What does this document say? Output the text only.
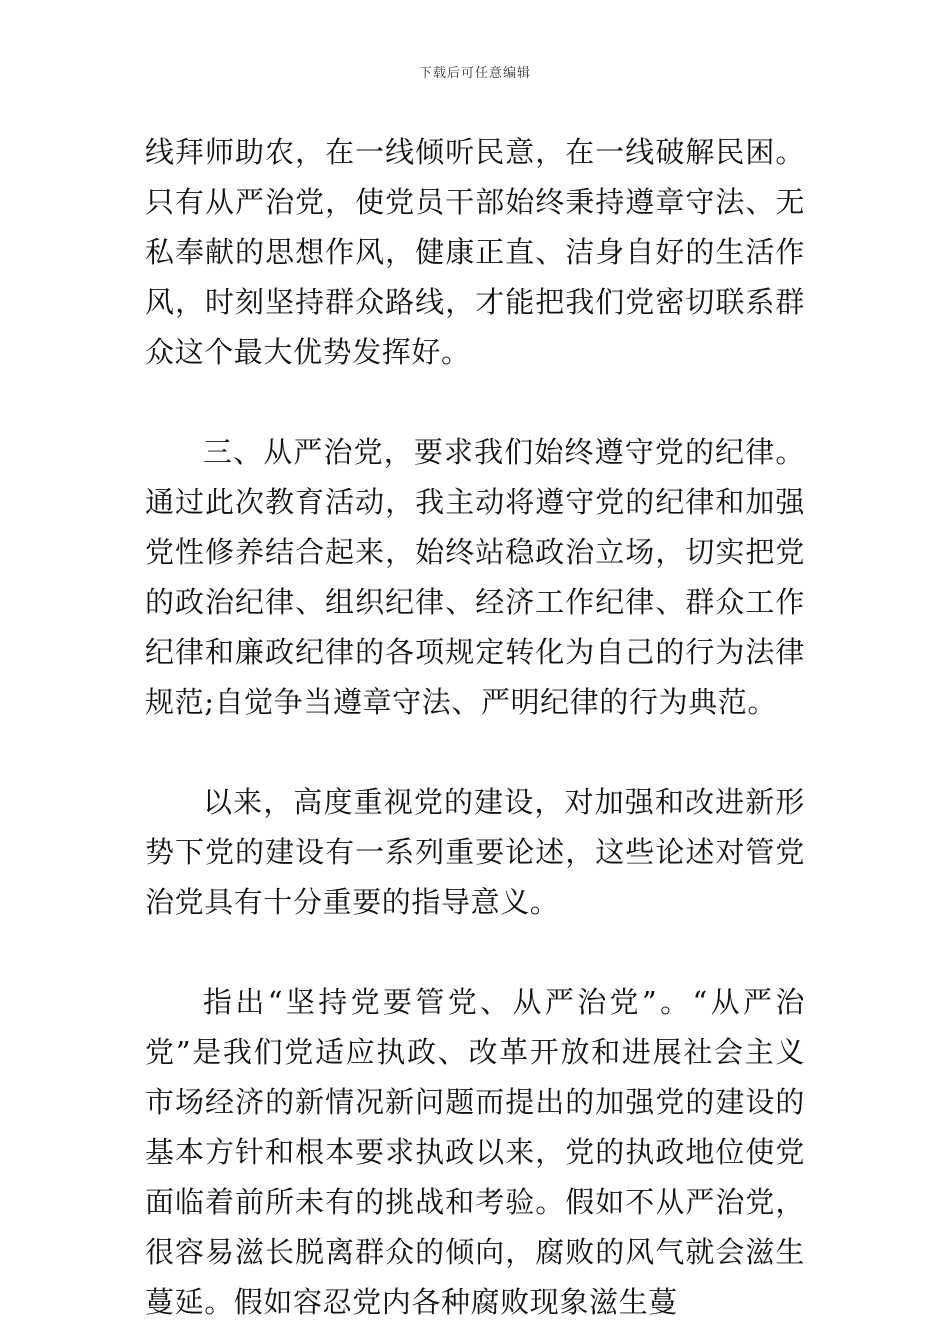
下载后可任意编辑

线拜师助农，在一线倾听民意，在一线破解民困。只有从严治党，使党员干部始终秉持遵章守法、无私奉献的思想作风，健康正直、洁身自好的生活作风，时刻坚持群众路线，才能把我们党密切联系群众这个最大优势发挥好。

三、从严治党，要求我们始终遵守党的纪律。通过此次教育活动，我主动将遵守党的纪律和加强党性修养结合起来，始终站稳政治立场，切实把党的政治纪律、组织纪律、经济工作纪律、群众工作纪律和廉政纪律的各项规定转化为自己的行为法律规范;自觉争当遵章守法、严明纪律的行为典范。

以来，高度重视党的建设，对加强和改进新形势下党的建设有一系列重要论述，这些论述对管党治党具有十分重要的指导意义。

指出“坚持党要管党、从严治党”。“从严治党”是我们党适应执政、改革开放和进展社会主义市场经济的新情况新问题而提出的加强党的建设的基本方针和根本要求执政以来，党的执政地位使党面临着前所未有的挑战和考验。假如不从严治党，很容易滋长脱离群众的倾向，腐败的风气就会滋生蔓延。假如容忍党内各种腐败现象滋生蔓
